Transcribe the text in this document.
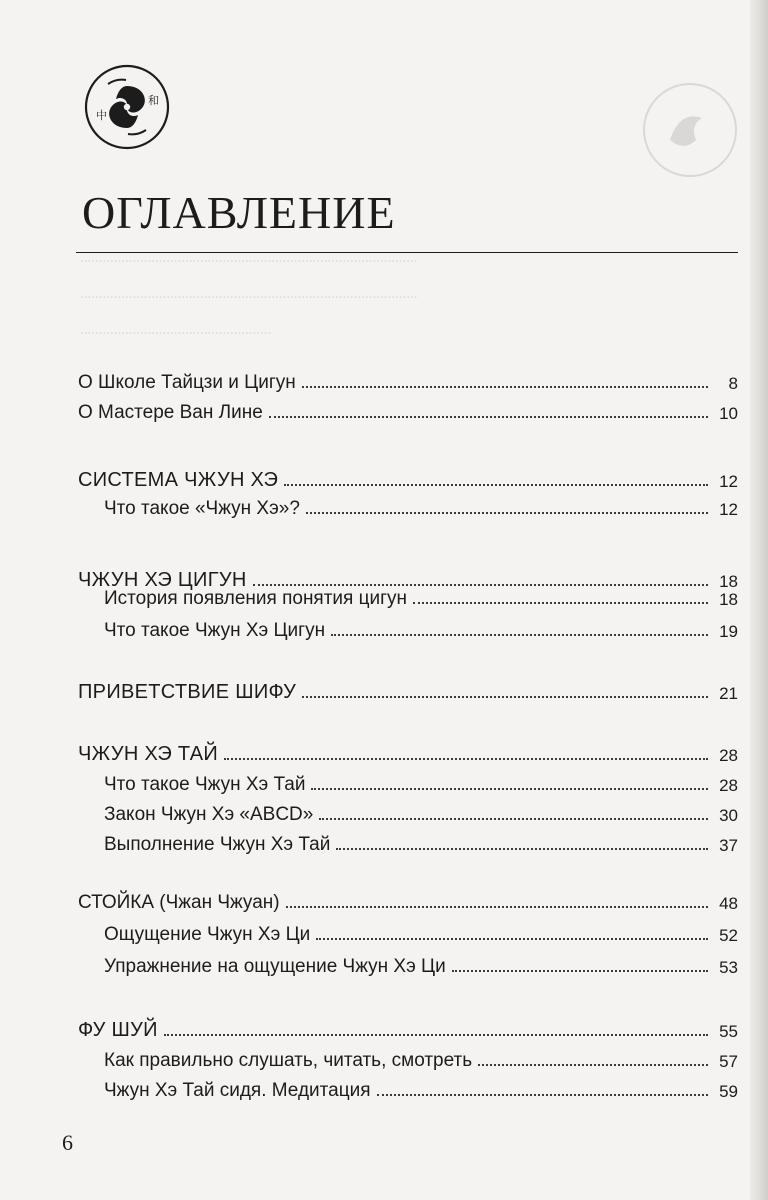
..........................................................................................
..........................................................................................
...................................................
中
和
ОГЛАВЛЕНИЕ
О Школе Тайцзи и Цигун	8
О Мастере Ван Лине	10
СИСТЕМА ЧЖУН ХЭ	12
Что такое «Чжун Хэ»?	12
ЧЖУН ХЭ ЦИГУН	18
История появления понятия цигун	18
Что такое Чжун Хэ Цигун	19
ПРИВЕТСТВИЕ ШИФУ	21
ЧЖУН ХЭ ТАЙ	28
Что такое Чжун Хэ Тай	28
Закон Чжун Хэ «ABCD»	30
Выполнение Чжун Хэ Тай	37
СТОЙКА (Чжан Чжуан)	48
Ощущение Чжун Хэ Ци	52
Упражнение на ощущение Чжун Хэ Ци	53
ФУ ШУЙ	55
Как правильно слушать, читать, смотреть	57
Чжун Хэ Тай сидя. Медитация	59
6
